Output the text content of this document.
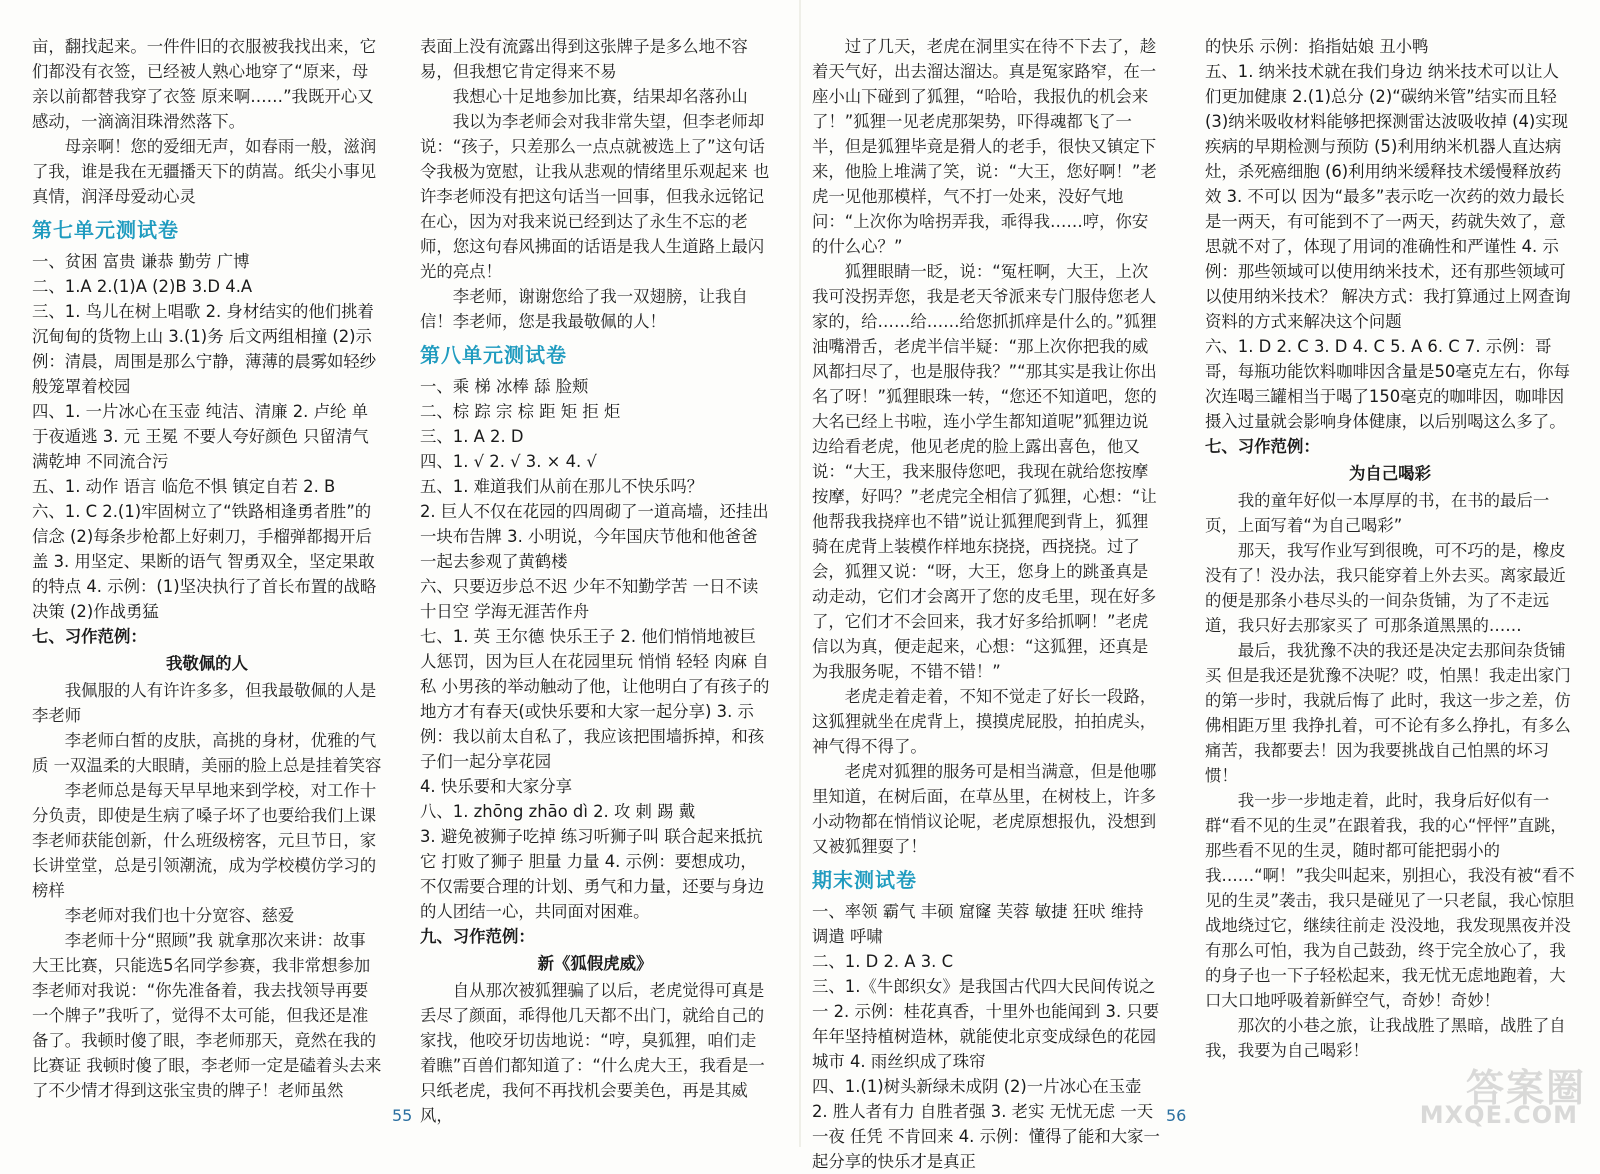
亩，翻找起来。一件件旧的衣服被我找出来，它们都没有衣签，已经被人熟心地穿了“原来，母亲以前都替我穿了衣签 原来啊……”我既开心又感动，一滴滴泪珠滑然落下。

母亲啊！您的爱细无声，如春雨一般，滋润了我，谁是我在无疆播天下的荫嵩。纸尖小事见真情，润泽母爱动心灵

第七单元测试卷

一、贫困 富贵 谦恭 勤劳 广博

二、1.A 2.(1)A (2)B 3.D 4.A

三、1. 鸟儿在树上唱歌 2. 身材结实的他们挑着沉甸甸的货物上山 3.(1)务 后文两组相撞 (2)示例：清晨，周围是那么宁静，薄薄的晨雾如轻纱般笼罩着校园

四、1. 一片冰心在玉壶 纯洁、清廉 2. 卢纶 单于夜遁逃 3. 元 王冕 不要人夸好颜色 只留清气满乾坤 不同流合污

五、1. 动作 语言 临危不惧 镇定自若 2. B

六、1. C 2.(1)牢固树立了“铁路相逢勇者胜”的信念 (2)每条步枪都上好刺刀，手榴弹都揭开后盖 3. 用坚定、果断的语气 智勇双全，坚定果敢的特点 4. 示例：(1)坚决执行了首长布置的战略决策 (2)作战勇猛

七、习作范例：

我敬佩的人

我佩服的人有许许多多，但我最敬佩的人是李老师

李老师白皙的皮肤，高挑的身材，优雅的气质 一双温柔的大眼睛，美丽的脸上总是挂着笑容

李老师总是每天早早地来到学校，对工作十分负责，即使是生病了嗓子坏了也要给我们上课 李老师获能创新，什么班级榜客，元旦节日，家长讲堂堂，总是引领潮流，成为学校模仿学习的榜样

李老师对我们也十分宽容、慈爱

李老师十分“照顾”我 就拿那次来讲：故事大王比赛，只能选5名同学参赛，我非常想参加 李老师对我说：“你先准备着，我去找领导再要一个牌子”我听了，觉得不太可能，但我还是准备了。我顿时傻了眼，李老师那天，竟然在我的比赛证 我顿时傻了眼，李老师一定是磕着头去来了不少情才得到这张宝贵的牌子！老师虽然

表面上没有流露出得到这张牌子是多么地不容易，但我想它肯定得来不易

我想心十足地参加比赛，结果却名落孙山

我以为李老师会对我非常失望，但李老师却说：“孩子，只差那么一点点就被选上了”这句话令我极为宽慰，让我从悲观的情绪里乐观起来 也许李老师没有把这句话当一回事，但我永远铭记在心，因为对我来说已经到达了永生不忘的老师，您这句春风拂面的话语是我人生道路上最闪光的亮点！

李老师，谢谢您给了我一双翅膀，让我自信！李老师，您是我最敬佩的人！

第八单元测试卷

一、乘 梯 冰棒 舔 脸颊

二、棕 踪 宗 棕 距 矩 拒 炬

三、1. A 2. D

四、1. √ 2. √ 3. × 4. √

五、1. 难道我们从前在那儿不快乐吗？

2. 巨人不仅在花园的四周砌了一道高墙，还挂出一块布告牌 3. 小明说，今年国庆节他和他爸爸一起去参观了黄鹤楼

六、只要迈步总不迟 少年不知勤学苦 一日不读十日空 学海无涯苦作舟

七、1. 英 王尔德 快乐王子 2. 他们悄悄地被巨人惩罚，因为巨人在花园里玩 悄悄 轻轻 肉麻 自私 小男孩的举动触动了他，让他明白了有孩子的地方才有春天(或快乐要和大家一起分享) 3. 示例：我以前太自私了，我应该把围墙拆掉，和孩子们一起分享花园

4. 快乐要和大家分享

八、1. zhōng zhāo dì 2. 攻 刺 踢 戴

3. 避免被狮子吃掉 练习听狮子叫 联合起来抵抗它 打败了狮子 胆量 力量 4. 示例：要想成功，不仅需要合理的计划、勇气和力量，还要与身边的人团结一心，共同面对困难。

九、习作范例：

新《狐假虎威》

自从那次被狐狸骗了以后，老虎觉得可真是丢尽了颜面，乖得他几天都不出门，就给自己的家找，他咬牙切齿地说：“哼，臭狐狸，咱们走着瞧”百兽们都知道了：“什么虎大王，我看是一只纸老虎，我何不再找机会要美色，再是其威风，

55

过了几天，老虎在洞里实在待不下去了，趁着天气好，出去溜达溜达。真是冤家路窄，在一座小山下碰到了狐狸，“哈哈，我报仇的机会来了！”狐狸一见老虎那架势，吓得魂都飞了一半，但是狐狸毕竟是猾人的老手，很快又镇定下来，他脸上堆满了笑，说：“大王，您好啊！”老虎一见他那模样，气不打一处来，没好气地问：“上次你为啥拐弄我，乖得我……哼，你安的什么心？”

狐狸眼睛一眨，说：“冤枉啊，大王，上次我可没拐弄您，我是老天爷派来专门服侍您老人家的，给……给……给您抓抓痒是什么的。”狐狸油嘴滑舌，老虎半信半疑：“那上次你把我的威风都扫尽了，也是服侍我？”“那其实是我让你出名了呀！”狐狸眼珠一转，“您还不知道吧，您的大名已经上书啦，连小学生都知道呢”狐狸边说边给看老虎，他见老虎的脸上露出喜色，他又说：“大王，我来服侍您吧，我现在就给您按摩按摩，好吗？”老虎完全相信了狐狸，心想：“让他帮我我挠痒也不错”说让狐狸爬到背上，狐狸骑在虎背上装模作样地东挠挠，西挠挠。过了会，狐狸又说：“呀，大王，您身上的跳蚤真是动走动，它们才会离开了您的皮毛里，现在好多了，它们才不会回来，我才好多给抓啊！”老虎信以为真，便走起来，心想：“这狐狸，还真是为我服务呢，不错不错！”

老虎走着走着，不知不觉走了好长一段路，这狐狸就坐在虎背上，摸摸虎屁股，拍拍虎头，神气得不得了。

老虎对狐狸的服务可是相当满意，但是他哪里知道，在树后面，在草丛里，在树枝上，许多小动物都在悄悄议论呢，老虎原想报仇，没想到又被狐狸耍了！

期末测试卷

一、率领 霸气 丰硕 窟窿 芙蓉 敏捷 狂吠 维持 调遣 呼啸

二、1. D 2. A 3. C

三、1.《牛郎织女》是我国古代四大民间传说之一 2. 示例：桂花真香，十里外也能闻到 3. 只要年年坚持植树造林，就能使北京变成绿色的花园城市 4. 雨丝织成了珠帘

四、1.(1)树头新绿未成阴 (2)一片冰心在玉壶 2. 胜人者有力 自胜者强 3. 老实 无忧无虑 一天一夜 任凭 不肯回来 4. 示例：懂得了能和大家一起分享的快乐才是真正

的快乐 示例：掐指姑娘 丑小鸭

五、1. 纳米技术就在我们身边 纳米技术可以让人们更加健康 2.(1)总分 (2)“碳纳米管”结实而且轻 (3)纳米吸收材料能够把探测雷达波吸收掉 (4)实现疾病的早期检测与预防 (5)利用纳米机器人直达病灶，杀死癌细胞 (6)利用纳米缓释技术缓慢释放药效 3. 不可以 因为“最多”表示吃一次药的效力最长是一两天，有可能到不了一两天，药就失效了，意思就不对了，体现了用词的准确性和严谨性 4. 示例：那些领域可以使用纳米技术，还有那些领域可以使用纳米技术？ 解决方式：我打算通过上网查询资料的方式来解决这个问题

六、1. D 2. C 3. D 4. C 5. A 6. C 7. 示例：哥哥，每瓶功能饮料咖啡因含量是50毫克左右，你每次连喝三罐相当于喝了150毫克的咖啡因，咖啡因摄入过量就会影响身体健康，以后别喝这么多了。

七、习作范例：

为自己喝彩

我的童年好似一本厚厚的书，在书的最后一页，上面写着“为自己喝彩”

那天，我写作业写到很晚，可不巧的是，橡皮没有了！没办法，我只能穿着上外去买。离家最近的便是那条小巷尽头的一间杂货铺，为了不走远道，我只好去那家买了 可那条道黑黑的……

最后，我犹豫不决的我还是决定去那间杂货铺买 但是我还是犹豫不决呢？哎，怕黑！我走出家门的第一步时，我就后悔了 此时，我这一步之差，仿佛相距万里 我挣扎着，可不论有多么挣扎，有多么痛苦，我都要去！因为我要挑战自己怕黑的坏习惯！

我一步一步地走着，此时，我身后好似有一群“看不见的生灵”在跟着我，我的心“怦怦”直跳，那些看不见的生灵，随时都可能把弱小的我……“啊！”我尖叫起来，别担心，我没有被“看不见的生灵”袭击，我只是碰见了一只老鼠，我心惊胆战地绕过它，继续往前走 没没地，我发现黑夜并没有那么可怕，我为自己鼓劲，终于完全放心了，我的身子也一下子轻松起来，我无忧无虑地跑着，大口大口地呼吸着新鲜空气，奇妙！奇妙！

那次的小巷之旅，让我战胜了黑暗，战胜了自我，我要为自己喝彩！

56
答案圈
MXQE.COM
